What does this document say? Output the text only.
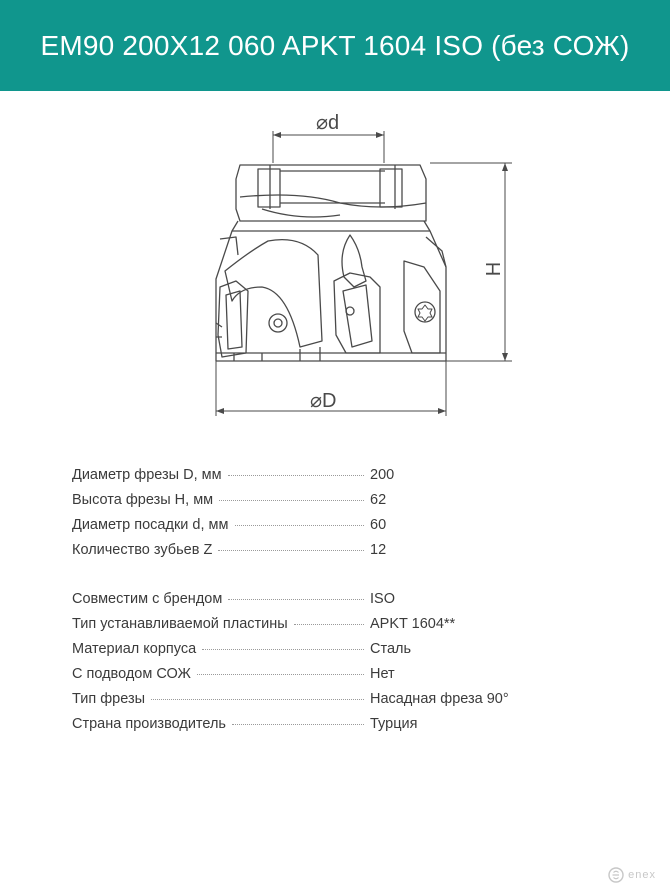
EM90 200X12 060 APKT 1604 ISO (без СОЖ)
⌀d
H
⌀D
Диаметр фрезы D, мм	200
Высота фрезы H, мм	62
Диаметр посадки d, мм	60
Количество зубьев Z	12
Совместим с брендом	ISO
Тип устанавливаемой пластины	APKT 1604**
Материал корпуса	Сталь
С подводом СОЖ	Нет
Тип фрезы	Насадная фреза 90°
Страна производитель	Турция
enex
